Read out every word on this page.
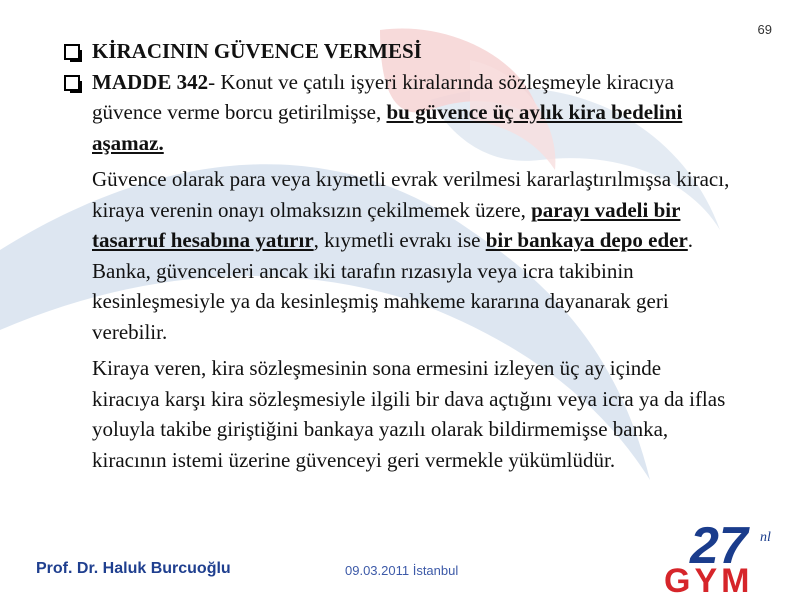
69
KİRACININ GÜVENCE VERMESİ
MADDE 342- Konut ve çatılı işyeri kiralarında sözleşmeyle kiracıya güvence verme borcu getirilmişse, bu güvence üç aylık kira bedelini aşamaz.
Güvence olarak para veya kıymetli evrak verilmesi kararlaştırılmışsa kiracı, kiraya verenin onayı olmaksızın çekilmemek üzere, parayı vadeli bir tasarruf hesabına yatırır, kıymetli evrakı ise bir bankaya depo eder. Banka, güvenceleri ancak iki tarafın rızasıyla veya icra takibinin kesinleşmesiyle ya da kesinleşmiş mahkeme kararına dayanarak geri verebilir.
Kiraya veren, kira sözleşmesinin sona ermesini izleyen üç ay içinde kiracıya karşı kira sözleşmesiyle ilgili bir dava açtığını veya icra ya da iflas yoluyla takibe giriştiğini bankaya yazılı olarak bildirmemişse banka, kiracının istemi üzerine güvenceyi geri vermekle yükümlüdür.
Prof. Dr. Haluk Burcuoğlu	09.03.2011 İstanbul	27 nl
GYM
